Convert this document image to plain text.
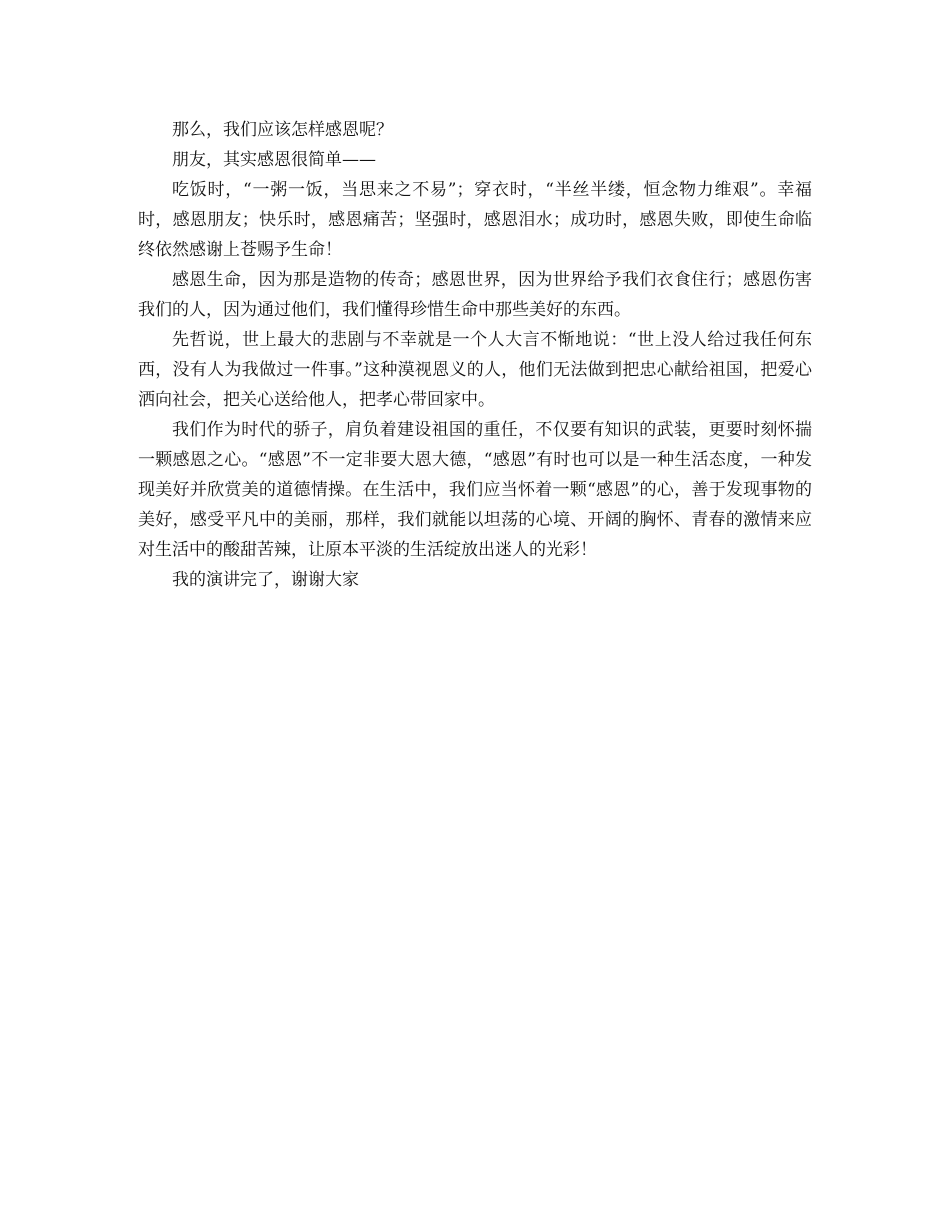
那么，我们应该怎样感恩呢？

朋友，其实感恩很简单——

吃饭时，“一粥一饭，当思来之不易”；穿衣时，“半丝半缕，恒念物力维艰”。幸福时，感恩朋友；快乐时，感恩痛苦；坚强时，感恩泪水；成功时，感恩失败，即使生命临终依然感谢上苍赐予生命！

感恩生命，因为那是造物的传奇；感恩世界，因为世界给予我们衣食住行；感恩伤害我们的人，因为通过他们，我们懂得珍惜生命中那些美好的东西。

先哲说，世上最大的悲剧与不幸就是一个人大言不惭地说：“世上没人给过我任何东西，没有人为我做过一件事。”这种漠视恩义的人，他们无法做到把忠心献给祖国，把爱心洒向社会，把关心送给他人，把孝心带回家中。

我们作为时代的骄子，肩负着建设祖国的重任，不仅要有知识的武装，更要时刻怀揣一颗感恩之心。“感恩”不一定非要大恩大德，“感恩”有时也可以是一种生活态度，一种发现美好并欣赏美的道德情操。在生活中，我们应当怀着一颗“感恩”的心，善于发现事物的美好，感受平凡中的美丽，那样，我们就能以坦荡的心境、开阔的胸怀、青春的激情来应对生活中的酸甜苦辣，让原本平淡的生活绽放出迷人的光彩！

我的演讲完了，谢谢大家
